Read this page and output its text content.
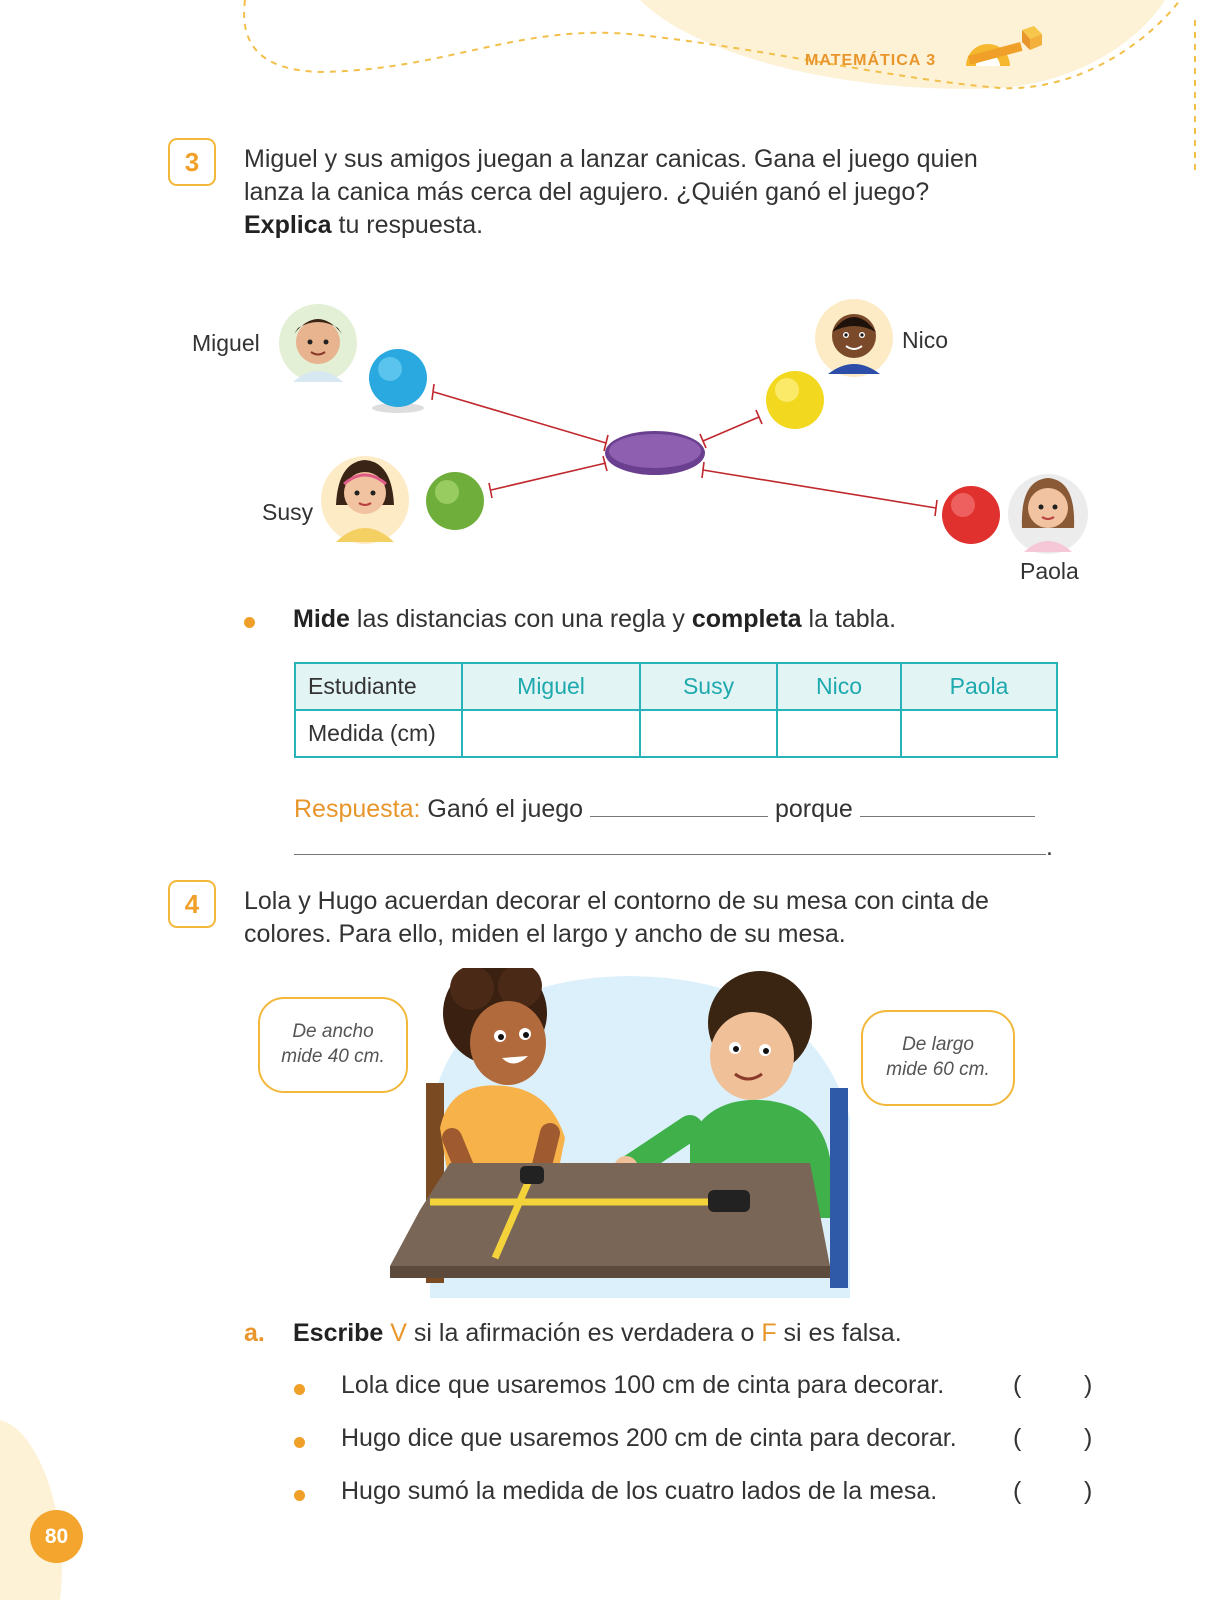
MATEMÁTICA 3
3	Miguel y sus amigos juegan a lanzar canicas. Gana el juego quien
lanza la canica más cerca del agujero. ¿Quién ganó el juego?
Explica tu respuesta.
Miguel	Nico
Susy
Paola
Mide las distancias con una regla y completa la tabla.
Estudiante	Miguel	Susy	Nico	Paola
Medida (cm)				
Respuesta: Ganó el juego	porque
.
4	Lola y Hugo acuerdan decorar el contorno de su mesa con cinta de
colores. Para ello, miden el largo y ancho de su mesa.
De ancho
mide 40 cm.
De largo
mide 60 cm.
a. Escribe V si la afirmación es verdadera o F si es falsa.
Lola dice que usaremos 100 cm de cinta para decorar.	(	)
Hugo dice que usaremos 200 cm de cinta para decorar. (	)
Hugo sumó la medida de los cuatro lados de la mesa.	(	)
80
